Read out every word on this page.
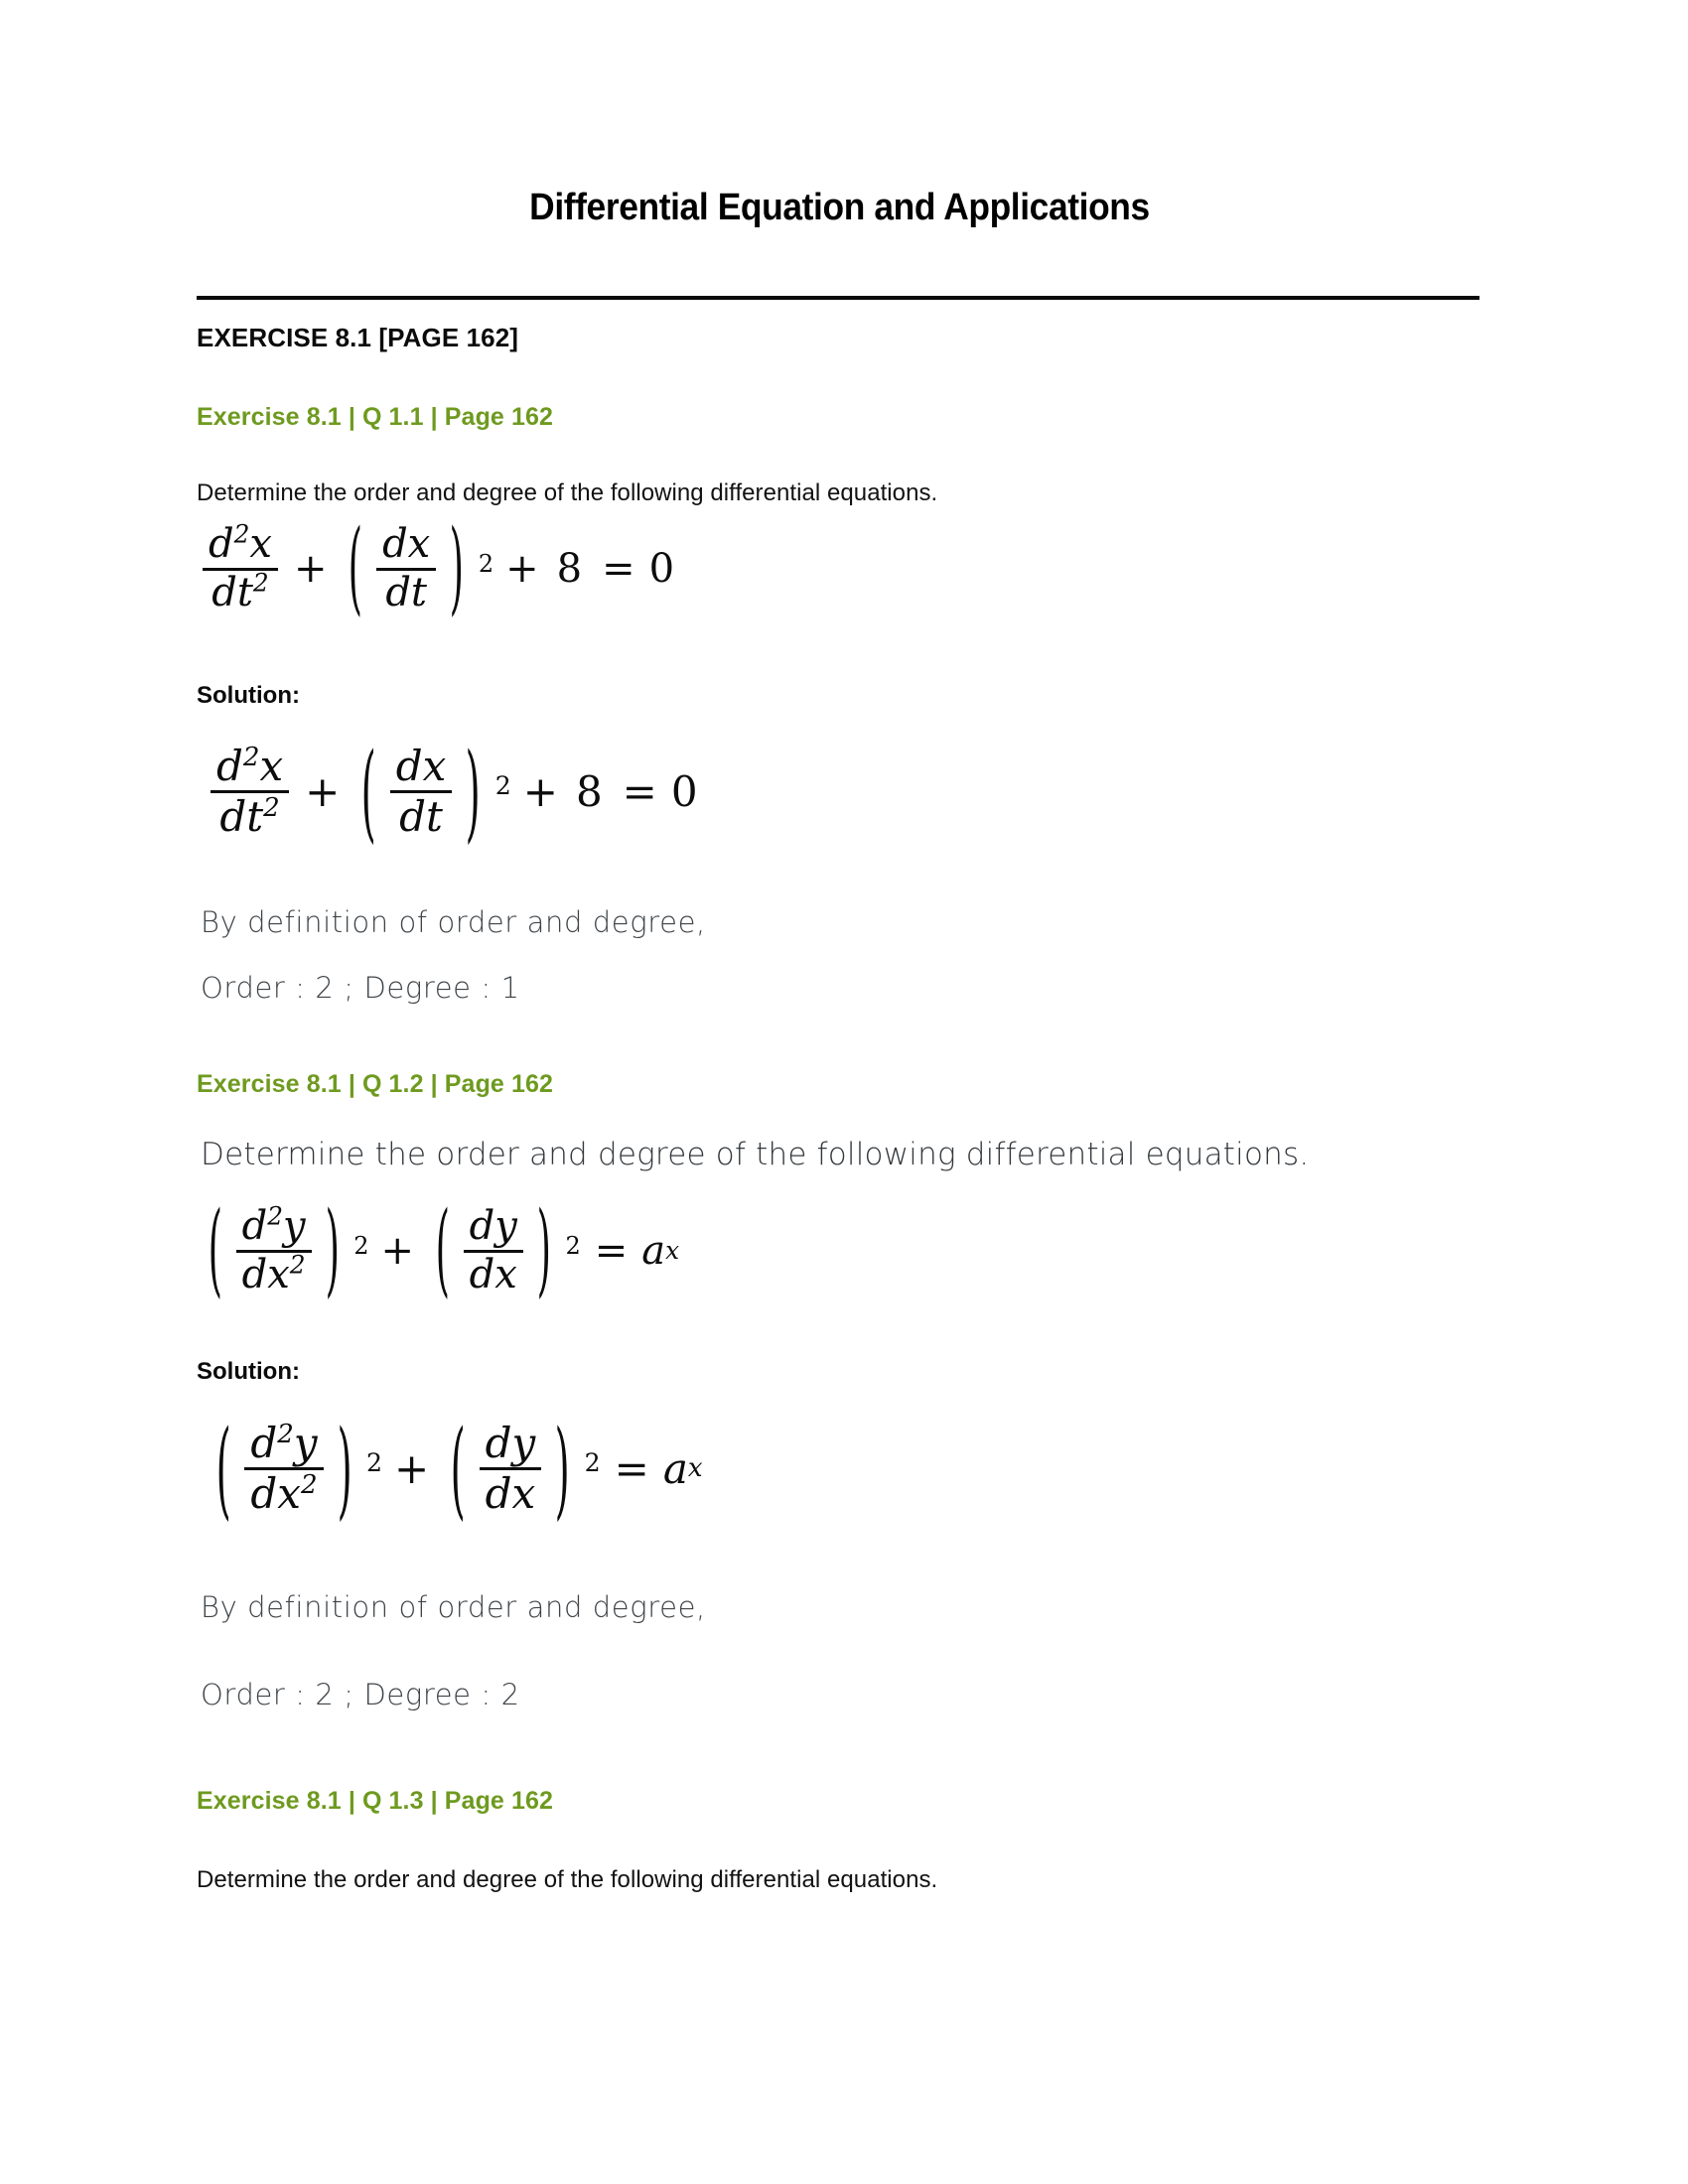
Differential Equation and Applications
EXERCISE 8.1 [PAGE 162]
Exercise 8.1 | Q 1.1 | Page 162
Determine the order and degree of the following differential equations.
$\frac{d^2x}{dt^2}$ + ( $\frac{dx}{dt}$ ) $^2$ + 8 = 0
Solution:
$\frac{d^2x}{dt^2}$ + ( $\frac{dx}{dt}$ ) $^2$ + 8 = 0
By definition of order and degree,
Order : 2 ; Degree : 1
Exercise 8.1 | Q 1.2 | Page 162
Determine the order and degree of the following differential equations.
( $\frac{d^2y}{dx^2}$ ) $^2$ + ( $\frac{dy}{dx}$ ) $^2$ = a x
Solution:
( $\frac{d^2y}{dx^2}$ ) $^2$ + ( $\frac{dy}{dx}$ ) $^2$ = a x
By definition of order and degree,
Order : 2 ; Degree : 2
Exercise 8.1 | Q 1.3 | Page 162
Determine the order and degree of the following differential equations.
